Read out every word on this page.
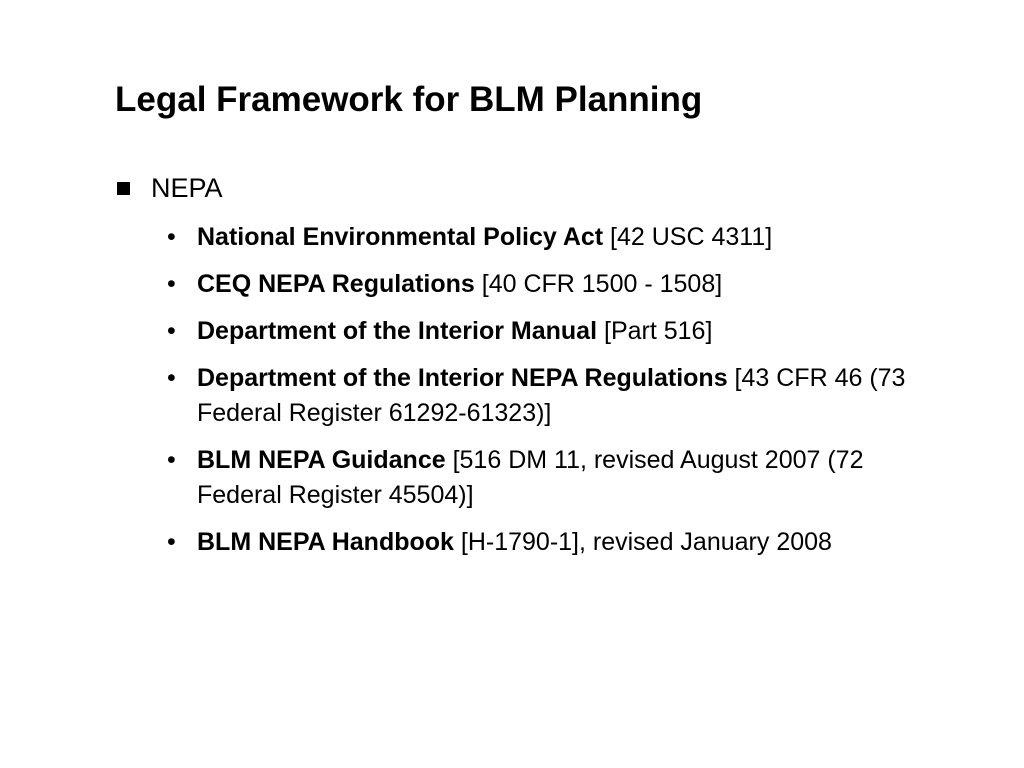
Legal Framework for BLM Planning
NEPA
• National Environmental Policy Act [42 USC 4311]
• CEQ NEPA Regulations [40 CFR 1500 - 1508]
• Department of the Interior Manual [Part 516]
• Department of the Interior NEPA Regulations [43 CFR 46 (73 Federal Register 61292-61323)]
• BLM NEPA Guidance [516 DM 11, revised August 2007 (72 Federal Register 45504)]
• BLM NEPA Handbook [H-1790-1], revised January 2008
